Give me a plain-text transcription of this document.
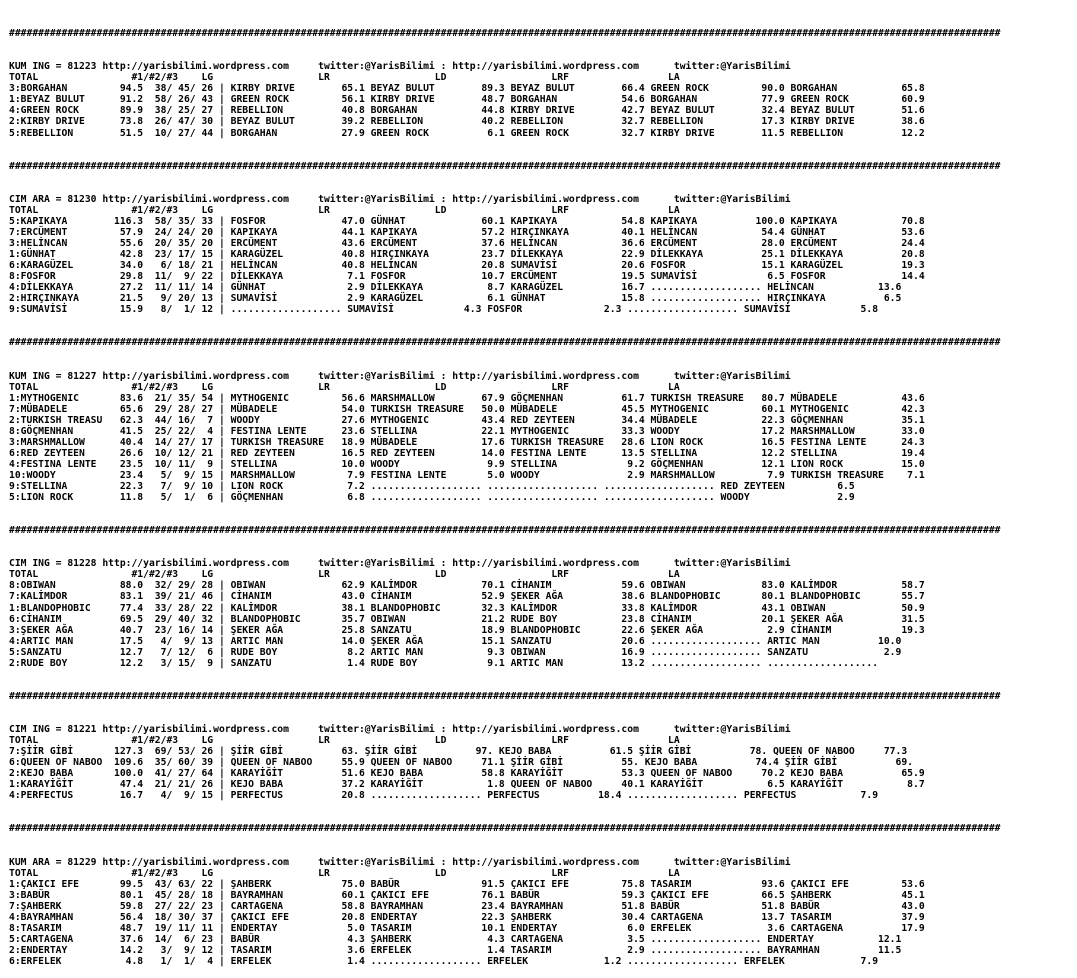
##########################################################################################################################################################################

KUM ING = 81223 http://yarisbilimi.wordpress.com     twitter:@YarisBilimi : http://yarisbilimi.wordpress.com      twitter:@YarisBilimi
TOTAL                #1/#2/#3    LG                  LR                  LD                  LRF                 LA
3:BORGAHAN         94.5  38/ 45/ 26 | KIRBY DRIVE        65.1 BEYAZ BULUT        89.3 BEYAZ BULUT        66.4 GREEN ROCK         90.0 BORGAHAN           65.8
1:BEYAZ BULUT      91.2  58/ 26/ 43 | GREEN ROCK         56.1 KIRBY DRIVE        48.7 BORGAHAN           54.6 BORGAHAN           77.9 GREEN ROCK         60.9
4:GREEN ROCK       89.9  38/ 25/ 27 | REBELLION          40.8 BORGAHAN           44.8 KIRBY DRIVE        42.7 BEYAZ BULUT        32.4 BEYAZ BULUT        51.6
2:KIRBY DRIVE      73.8  26/ 47/ 30 | BEYAZ BULUT        39.2 REBELLION          40.2 REBELLION          32.7 REBELLION          17.3 KIRBY DRIVE        38.6
5:REBELLION        51.5  10/ 27/ 44 | BORGAHAN           27.9 GREEN ROCK          6.1 GREEN ROCK         32.7 KIRBY DRIVE        11.5 REBELLION          12.2

##########################################################################################################################################################################

CIM ARA = 81230 http://yarisbilimi.wordpress.com     twitter:@YarisBilimi : http://yarisbilimi.wordpress.com      twitter:@YarisBilimi
TOTAL                #1/#2/#3    LG                  LR                  LD                  LRF                 LA
5:KAPIKAYA        116.3  58/ 35/ 33 | FOSFOR             47.0 GÜNHAT             60.1 KAPIKAYA           54.8 KAPIKAYA          100.0 KAPIKAYA           70.8
7:ERCÜMENT         57.9  24/ 24/ 20 | KAPIKAYA           44.1 KAPIKAYA           57.2 HIRÇINKAYA         40.1 HELİNCAN           54.4 GÜNHAT             53.6
3:HELİNCAN         55.6  20/ 35/ 20 | ERCÜMENT           43.6 ERCÜMENT           37.6 HELİNCAN           36.6 ERCÜMENT           28.0 ERCÜMENT           24.4
1:GÜNHAT           42.8  23/ 17/ 15 | KARAGÜZEL          40.8 HIRÇINKAYA         23.7 DİLEKKAYA          22.9 DİLEKKAYA          25.1 DİLEKKAYA          20.8
6:KARAGÜZEL        34.0   6/ 18/ 21 | HELİNCAN           40.8 HELİNCAN           20.8 SUMAVİSİ           20.6 FOSFOR             15.1 KARAGÜZEL          19.3
8:FOSFOR           29.8  11/  9/ 22 | DİLEKKAYA           7.1 FOSFOR             10.7 ERCÜMENT           19.5 SUMAVİSİ            6.5 FOSFOR             14.4
4:DİLEKKAYA        27.2  11/ 11/ 14 | GÜNHAT              2.9 DİLEKKAYA           8.7 KARAGÜZEL          16.7 ................... HELİNCAN           13.6
2:HIRÇINKAYA       21.5   9/ 20/ 13 | SUMAVİSİ            2.9 KARAGÜZEL           6.1 GÜNHAT             15.8 ................... HIRÇINKAYA          6.5
9:SUMAVİSİ         15.9   8/  1/ 12 | ................... SUMAVİSİ            4.3 FOSFOR              2.3 ................... SUMAVİSİ            5.8

##########################################################################################################################################################################

KUM ING = 81227 http://yarisbilimi.wordpress.com     twitter:@YarisBilimi : http://yarisbilimi.wordpress.com      twitter:@YarisBilimi
TOTAL                #1/#2/#3    LG                  LR                  LD                  LRF                 LA
1:MYTHOGENIC       83.6  21/ 35/ 54 | MYTHOGENIC         56.6 MARSHMALLOW        67.9 GÖÇMENHAN          61.7 TURKISH TREASURE   80.7 MÜBADELE           43.6
7:MÜBADELE         65.6  29/ 28/ 27 | MÜBADELE           54.0 TURKISH TREASURE   50.0 MÜBADELE           45.5 MYTHOGENIC         60.1 MYTHOGENIC         42.3
2:TURKISH TREASU   62.3  44/ 16/  7 | WOODY              27.6 MYTHOGENIC         43.4 RED ZEYTEEN        34.4 MÜBADELE           22.3 GÖÇMENHAN          35.1
8:GÖÇMENHAN        41.5  25/ 22/  4 | FESTINA LENTE      23.6 STELLINA           22.1 MYTHOGENIC         33.3 WOODY              17.2 MARSHMALLOW        33.0
3:MARSHMALLOW      40.4  14/ 27/ 17 | TURKISH TREASURE   18.9 MÜBADELE           17.6 TURKISH TREASURE   28.6 LION ROCK          16.5 FESTINA LENTE      24.3
6:RED ZEYTEEN      26.6  10/ 12/ 21 | RED ZEYTEEN        16.5 RED ZEYTEEN        14.0 FESTINA LENTE      13.5 STELLINA           12.2 STELLINA           19.4
4:FESTINA LENTE    23.5  10/ 11/  9 | STELLINA           10.0 WOODY               9.9 STELLINA            9.2 GÖÇMENHAN          12.1 LION ROCK          15.0
10:WOODY           23.4   5/  9/ 15 | MARSHMALLOW         7.9 FESTINA LENTE       5.0 WOODY               2.9 MARSHMALLOW         7.9 TURKISH TREASURE    7.1
9:STELLINA         22.3   7/  9/ 10 | LION ROCK           7.2 ................... ................... ................... RED ZEYTEEN         6.5
5:LION ROCK        11.8   5/  1/  6 | GÖÇMENHAN           6.8 ................... ................... ................... WOODY               2.9

##########################################################################################################################################################################

CIM ING = 81228 http://yarisbilimi.wordpress.com     twitter:@YarisBilimi : http://yarisbilimi.wordpress.com      twitter:@YarisBilimi
TOTAL                #1/#2/#3    LG                  LR                  LD                  LRF                 LA
8:OBIWAN           88.0  32/ 29/ 28 | OBIWAN             62.9 KALİMDOR           70.1 CİHANIM            59.6 OBIWAN             83.0 KALİMDOR           58.7
7:KALİMDOR         83.1  39/ 21/ 46 | CİHANIM            43.0 CİHANIM            52.9 ŞEKER AĞA          38.6 BLANDOPHOBIC       80.1 BLANDOPHOBIC       55.7
1:BLANDOPHOBIC     77.4  33/ 28/ 22 | KALİMDOR           38.1 BLANDOPHOBIC       32.3 KALİMDOR           33.8 KALİMDOR           43.1 OBIWAN             50.9
6:CİHANIM          69.5  29/ 40/ 32 | BLANDOPHOBIC       35.7 OBIWAN             21.2 RUDE BOY           23.8 CİHANIM            20.1 ŞEKER AĞA          31.5
3:ŞEKER AĞA        40.7  23/ 16/ 14 | ŞEKER AĞA          25.8 SANZATU            18.9 BLANDOPHOBIC       22.6 ŞEKER AĞA           2.9 CİHANIM            19.3
4:ARTIC MAN        17.5   4/  9/ 13 | ARTIC MAN          14.0 ŞEKER AĞA          15.1 SANZATU            20.6 ................... ARTIC MAN          10.0
5:SANZATU          12.7   7/ 12/  6 | RUDE BOY            8.2 ARTIC MAN           9.3 OBIWAN             16.9 ................... SANZATU             2.9
2:RUDE BOY         12.2   3/ 15/  9 | SANZATU             1.4 RUDE BOY            9.1 ARTIC MAN          13.2 ................... ...................

##########################################################################################################################################################################

CIM ING = 81221 http://yarisbilimi.wordpress.com     twitter:@YarisBilimi : http://yarisbilimi.wordpress.com      twitter:@YarisBilimi
TOTAL                #1/#2/#3    LG                  LR                  LD                  LRF                 LA
7:ŞİİR GİBİ       127.3  69/ 53/ 26 | ŞİİR GİBİ          63. ŞİİR GİBİ          97. KEJO BABA          61.5 ŞİİR GİBİ          78. QUEEN OF NABOO     77.3
6:QUEEN OF NABOO  109.6  35/ 60/ 39 | QUEEN OF NABOO     55.9 QUEEN OF NABOO     71.1 ŞİİR GİBİ          55. KEJO BABA          74.4 ŞİİR GİBİ          69.
2:KEJO BABA       100.0  41/ 27/ 64 | KARAYİĞİT          51.6 KEJO BABA          58.8 KARAYİĞİT          53.3 QUEEN OF NABOO     70.2 KEJO BABA          65.9
1:KARAYİĞİT        47.4  21/ 21/ 26 | KEJO BABA          37.2 KARAYİĞİT           1.8 QUEEN OF NABOO     40.1 KARAYİĞİT           6.5 KARAYİĞİT           8.7
4:PERFECTUS        16.7   4/  9/ 15 | PERFECTUS          20.8 ................... PERFECTUS          18.4 ................... PERFECTUS           7.9

##########################################################################################################################################################################

KUM ARA = 81229 http://yarisbilimi.wordpress.com     twitter:@YarisBilimi : http://yarisbilimi.wordpress.com      twitter:@YarisBilimi
TOTAL                #1/#2/#3    LG                  LR                  LD                  LRF                 LA
1:ÇAKICI EFE       99.5  43/ 63/ 22 | ŞAHBERK            75.0 BABÜR              91.5 ÇAKICI EFE         75.8 TASARIM            93.6 ÇAKICI EFE         53.6
3:BABÜR            80.1  45/ 28/ 18 | BAYRAMHAN          60.1 ÇAKICI EFE         76.1 BABÜR              59.3 ÇAKICI EFE         66.5 ŞAHBERK            45.1
7:ŞAHBERK          59.8  27/ 22/ 23 | CARTAGENA          58.8 BAYRAMHAN          23.4 BAYRAMHAN          51.8 BABÜR              51.8 BABÜR              43.0
4:BAYRAMHAN        56.4  18/ 30/ 37 | ÇAKICI EFE         20.8 ENDERTAY           22.3 ŞAHBERK            30.4 CARTAGENA          13.7 TASARIM            37.9
8:TASARIM          48.7  19/ 11/ 11 | ENDERTAY            5.0 TASARIM            10.1 ENDERTAY            6.0 ERFELEK             3.6 CARTAGENA          17.9
5:CARTAGENA        37.6  14/  6/ 23 | BABÜR               4.3 ŞAHBERK             4.3 CARTAGENA           3.5 ................... ENDERTAY           12.1
2:ENDERTAY         14.2   3/  9/ 12 | TASARIM             3.6 ERFELEK             1.4 TASARIM             2.9 ................... BAYRAMHAN          11.5
6:ERFELEK           4.8   1/  1/  4 | ERFELEK             1.4 ................... ERFELEK             1.2 ................... ERFELEK             7.9
